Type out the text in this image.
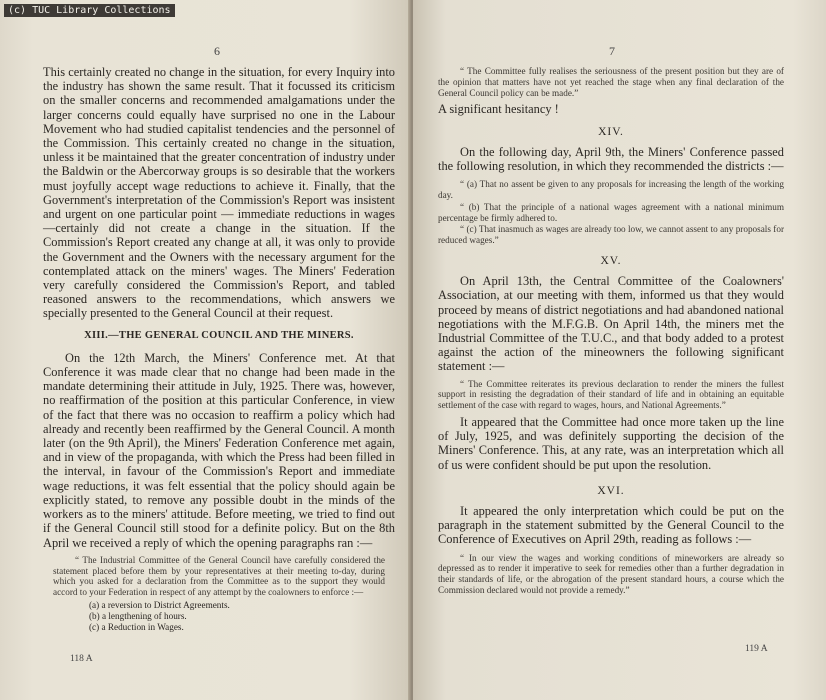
(c) TUC Library Collections
6

This certainly created no change in the situation, for every Inquiry into the industry has shown the same result. That it focussed its criticism on the smaller concerns and recommended amalgamations under the larger concerns could equally have surprised no one in the Labour Movement who had studied capitalist tendencies and the personnel of the Commission. This certainly created no change in the situation, unless it be maintained that the greater concentration of industry under the Baldwin or the Abercorway groups is so desirable that the workers must joyfully accept wage reductions to achieve it. Finally, that the Government's interpretation of the Commission's Report was insistent and urgent on one particular point — immediate reductions in wages—certainly did not create a change in the situation. If the Commission's Report created any change at all, it was only to provide the Government and the Owners with the necessary argument for the contemplated attack on the miners' wages. The Miners' Federation very carefully considered the Commission's Report, and tabled reasoned answers to the recommendations, which answers we specially presented to the General Council at their request.

XIII.—THE GENERAL COUNCIL AND THE MINERS.

On the 12th March, the Miners' Conference met. At that Conference it was made clear that no change had been made in the mandate determining their attitude in July, 1925. There was, however, no reaffirmation of the position at this particular Conference, in view of the fact that there was no occasion to reaffirm a policy which had already and recently been reaffirmed by the General Council. A month later (on the 9th April), the Miners' Federation Conference met again, and in view of the propaganda, with which the Press had been filled in the interval, in favour of the Commission's Report and immediate wage reductions, it was felt essential that the policy should again be explicitly stated, to remove any possible doubt in the minds of the workers as to the miners' attitude. Before meeting, we tried to find out if the General Council still stood for a definite policy. But on the 8th April we received a reply of which the opening paragraphs ran :—

“ The Industrial Committee of the General Council have carefully considered the statement placed before them by your representatives at their meeting to-day, during which you asked for a declaration from the Committee as to the support they would accord to your Federation in respect of any attempt by the coalowners to enforce :—

(a) a reversion to District Agreements.
(b) a lengthening of hours.
(c) a Reduction in Wages.
118 A
7

“ The Committee fully realises the seriousness of the present position but they are of the opinion that matters have not yet reached the stage when any final declaration of the General Council policy can be made.”

A significant hesitancy !

XIV.

On the following day, April 9th, the Miners' Conference passed the following resolution, in which they recommended the districts :—

“ (a) That no assent be given to any proposals for increasing the length of the working day.

“ (b) That the principle of a national wages agreement with a national minimum percentage be firmly adhered to.

“ (c) That inasmuch as wages are already too low, we cannot assent to any proposals for reduced wages.”

XV.

On April 13th, the Central Committee of the Coalowners' Association, at our meeting with them, informed us that they would proceed by means of district negotiations and had abandoned national negotiations with the M.F.G.B. On April 14th, the miners met the Industrial Committee of the T.U.C., and that body added to a protest against the action of the mineowners the following significant statement :—

“ The Committee reiterates its previous declaration to render the miners the fullest support in resisting the degradation of their standard of life and in obtaining an equitable settlement of the case with regard to wages, hours, and National Agreements.”

It appeared that the Committee had once more taken up the line of July, 1925, and was definitely supporting the decision of the Miners' Conference. This, at any rate, was an interpretation which all of us were confident should be put upon the resolution.

XVI.

It appeared the only interpretation which could be put on the paragraph in the statement submitted by the General Council to the Conference of Executives on April 29th, reading as follows :—

“ In our view the wages and working conditions of mineworkers are already so depressed as to render it imperative to seek for remedies other than a further degradation in their standards of life, or the abrogation of the present standard hours, a course which the Commission declared would not provide a remedy.”

119 A
